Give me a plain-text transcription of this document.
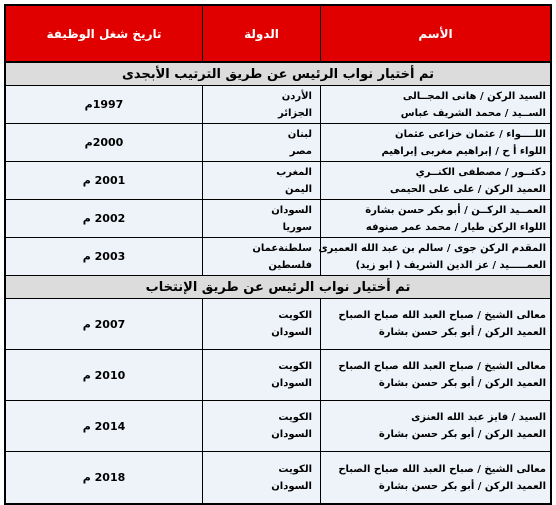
الأسم
الدولة
تاريخ شغل الوظيفة
تم أختيار نواب الرئيس عن طريق الترتيب الأبجدى
السيد الركن / هانى المجــالى
الســيد / محمد الشريف عباس
الأردن
الجزائر
1997م
اللــــواء / عثمان خزاعى عثمان
اللواء أ ح / إبراهيم مغربى إبراهيم
لبنان
مصر
2000م
دكتــور / مصطفى الكنــري
العميد الركن / على على الحيمى
المغرب
اليمن
2001 م
العمــيد الركــن / أبو بكر حسن بشارة
اللواء الركن طيار / محمد عمر صنوفه
السودان
سوريا
2002 م
المقدم الركن جوى / سالم بن عبد الله العميرى
العمـــــيد / عز الدين الشريف ( ابو زيد)
سلطنةعمان
فلسطين
2003 م
تم أختيار نواب الرئيس عن طريق الإنتخاب
معالى الشيخ / صباح العبد الله صباح الصباح
العميد الركن / أبو بكر حسن بشارة
الكويت
السودان
2007 م
معالى الشيخ / صباح العبد الله صباح الصباح
العميد الركن / أبو بكر حسن بشارة
الكويت
السودان
2010 م
السيد / فايز عبد الله العنزى
العميد الركن / أبو بكر حسن بشارة
الكويت
السودان
2014 م
معالى الشيخ / صباح العبد الله صباح الصباح
العميد الركن / أبو بكر حسن بشارة
الكويت
السودان
2018 م
